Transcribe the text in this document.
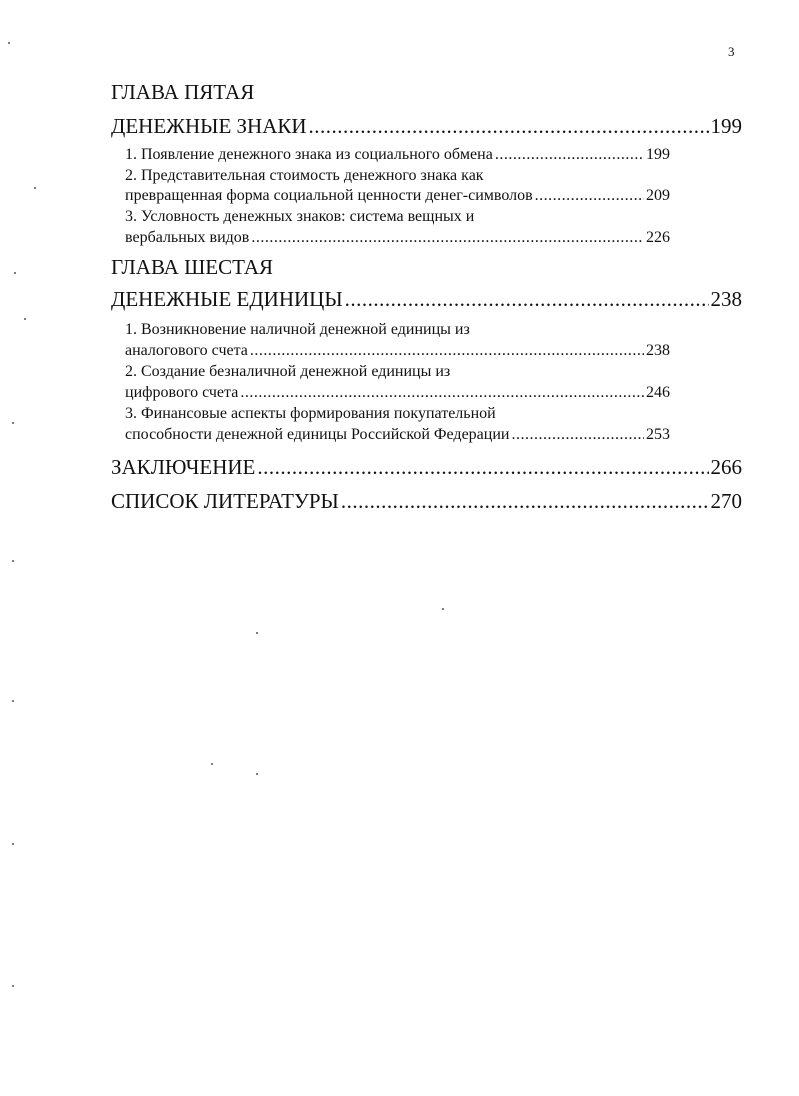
3
ГЛАВА ПЯТАЯ
ДЕНЕЖНЫЕ ЗНАКИ .....	199
1. Появление денежного знака из социального обмена .....	199
2. Представительная стоимость денежного знака как
превращенная форма социальной ценности денег-символов .....	209
3. Условность денежных знаков: система вещных и
вербальных видов .....	226
ГЛАВА ШЕСТАЯ
ДЕНЕЖНЫЕ ЕДИНИЦЫ .....	238
1. Возникновение наличной денежной единицы из
аналогового счета .....	238
2. Создание безналичной денежной единицы из
цифрового счета .....	246
3. Финансовые аспекты формирования покупательной
способности денежной единицы Российской Федерации .....	253
ЗАКЛЮЧЕНИЕ .....	266
СПИСОК ЛИТЕРАТУРЫ .....	270
